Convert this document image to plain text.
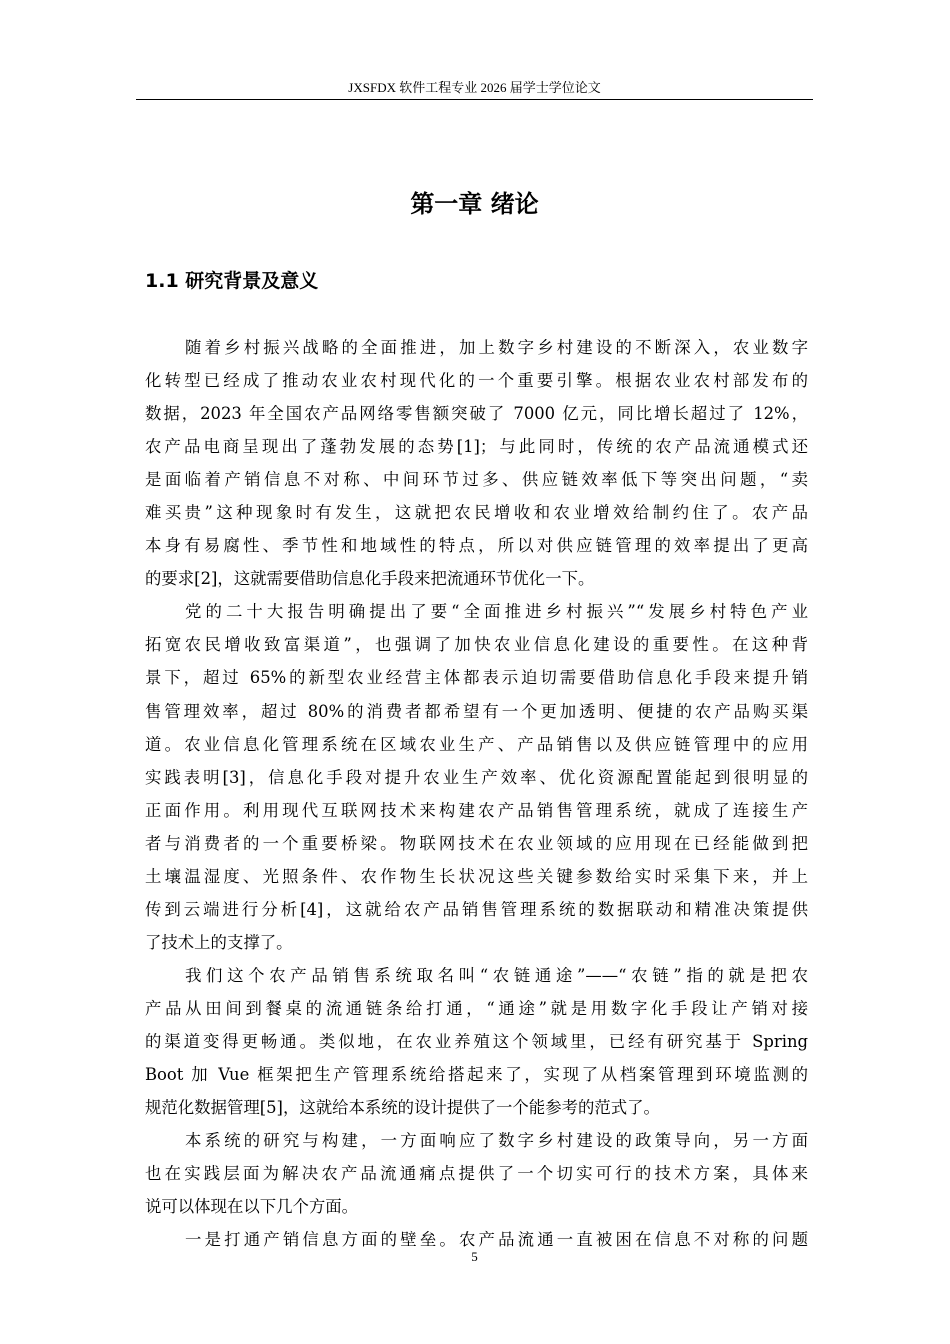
JXSFDX 软件工程专业 2026 届学士学位论文
第一章 绪论
1.1 研究背景及意义
随着乡村振兴战略的全面推进，加上数字乡村建设的不断深入，农业数字
化转型已经成了推动农业农村现代化的一个重要引擎。根据农业农村部发布的
数据，2023 年全国农产品网络零售额突破了 7000 亿元，同比增长超过了 12%，
农产品电商呈现出了蓬勃发展的态势[1]；与此同时，传统的农产品流通模式还
是面临着产销信息不对称、中间环节过多、供应链效率低下等突出问题，“卖
难买贵”这种现象时有发生，这就把农民增收和农业增效给制约住了。农产品
本身有易腐性、季节性和地域性的特点，所以对供应链管理的效率提出了更高
的要求[2]，这就需要借助信息化手段来把流通环节优化一下。
党的二十大报告明确提出了要“全面推进乡村振兴”“发展乡村特色产业
拓宽农民增收致富渠道”，也强调了加快农业信息化建设的重要性。在这种背
景下，超过 65%的新型农业经营主体都表示迫切需要借助信息化手段来提升销
售管理效率，超过 80%的消费者都希望有一个更加透明、便捷的农产品购买渠
道。农业信息化管理系统在区域农业生产、产品销售以及供应链管理中的应用
实践表明[3]，信息化手段对提升农业生产效率、优化资源配置能起到很明显的
正面作用。利用现代互联网技术来构建农产品销售管理系统，就成了连接生产
者与消费者的一个重要桥梁。物联网技术在农业领域的应用现在已经能做到把
土壤温湿度、光照条件、农作物生长状况这些关键参数给实时采集下来，并上
传到云端进行分析[4]，这就给农产品销售管理系统的数据联动和精准决策提供
了技术上的支撑了。
我们这个农产品销售系统取名叫“农链通途”——“农链”指的就是把农
产品从田间到餐桌的流通链条给打通，“通途”就是用数字化手段让产销对接
的渠道变得更畅通。类似地，在农业养殖这个领域里，已经有研究基于 Spring
Boot 加 Vue 框架把生产管理系统给搭起来了，实现了从档案管理到环境监测的
规范化数据管理[5]，这就给本系统的设计提供了一个能参考的范式了。
本系统的研究与构建，一方面响应了数字乡村建设的政策导向，另一方面
也在实践层面为解决农产品流通痛点提供了一个切实可行的技术方案，具体来
说可以体现在以下几个方面。
一是打通产销信息方面的壁垒。农产品流通一直被困在信息不对称的问题
5
